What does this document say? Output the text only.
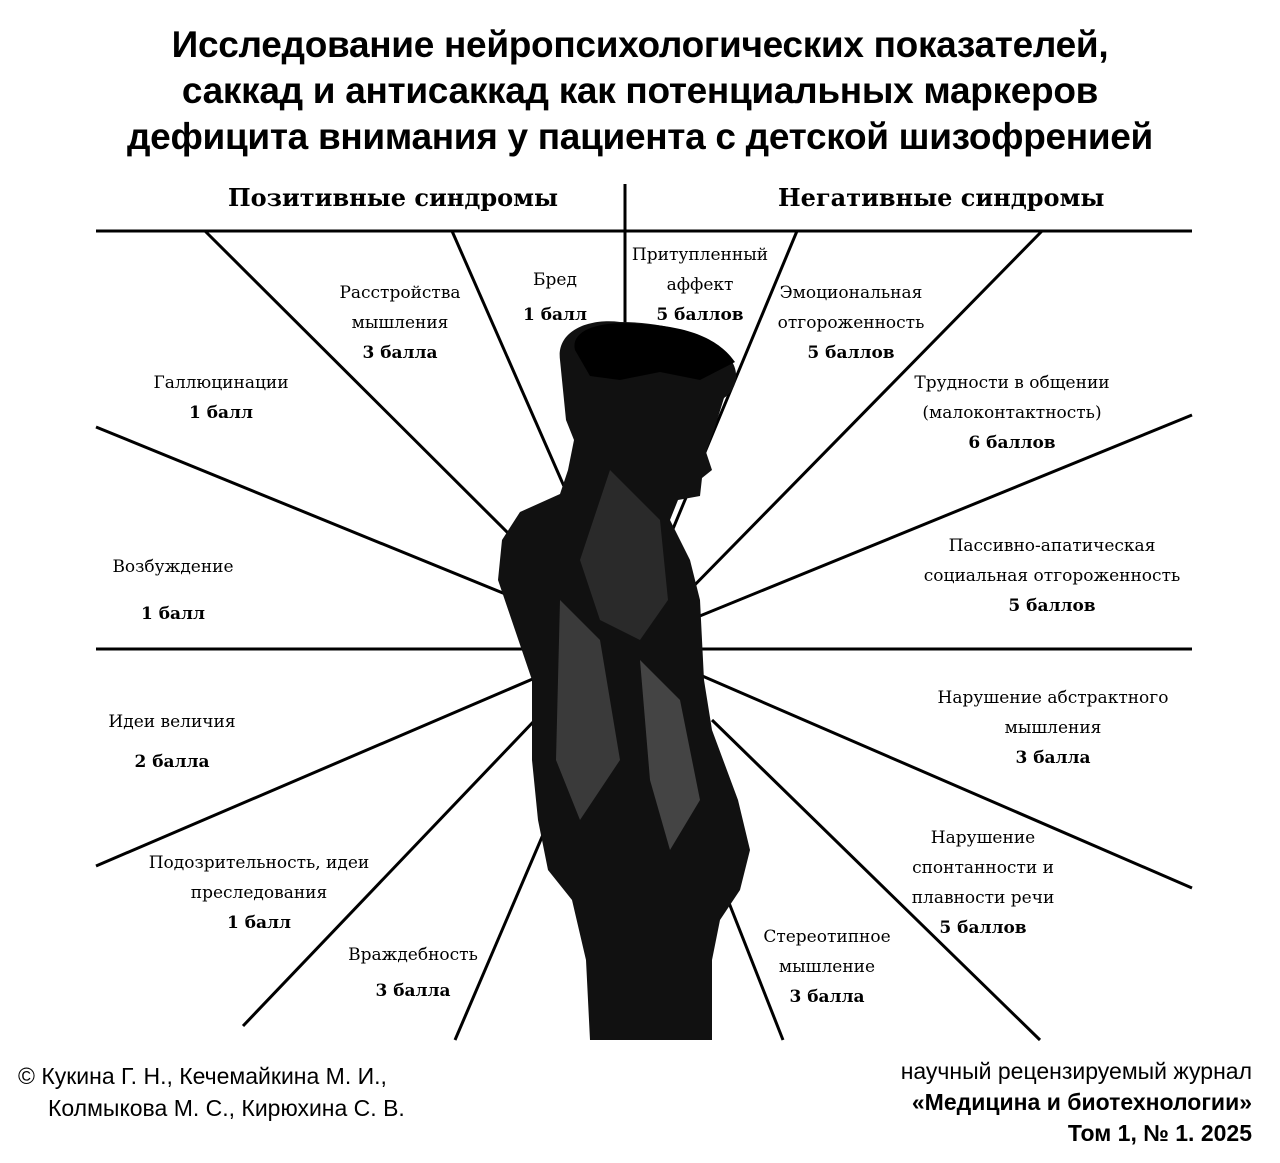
Исследование нейропсихологических показателей,
саккад и антисаккад как потенциальных маркеров
дефицита внимания у пациента с детской шизофренией
Позитивные синдромы	Негативные синдромы
Бред
1 балл
Расстройства мышления
3 балла
Галлюцинации
1 балл
Возбуждение
1 балл
Идеи величия
2 балла
Подозрительность, идеи преследования
1 балл
Враждебность
3 балла
Притупленный аффект
5 баллов
Эмоциональная отгороженность
5 баллов
Трудности в общении (малоконтактность)
6 баллов
Пассивно-апатическая социальная отгороженность
5 баллов
Нарушение абстрактного мышления
3 балла
Нарушение спонтанности и плавности речи
5 баллов
Стереотипное мышление
3 балла
© Кукина Г. Н., Кечемайкина М. И.,
Колмыкова М. С., Кирюхина С. В.
научный рецензируемый журнал
«Медицина и биотехнологии»
Том 1, № 1. 2025
